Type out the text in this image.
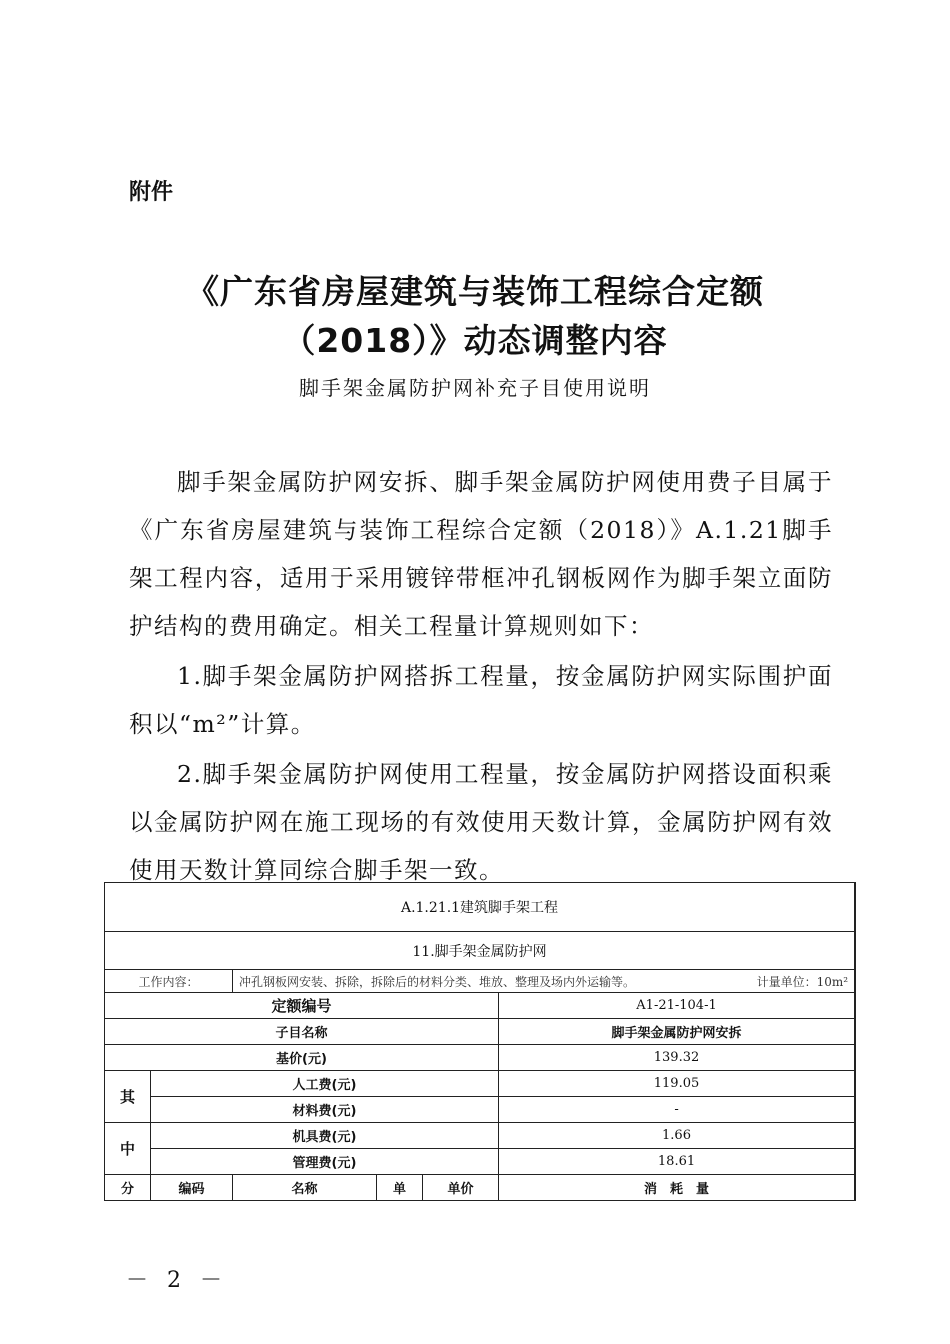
附件
《广东省房屋建筑与装饰工程综合定额
（2018）》动态调整内容
脚手架金属防护网补充子目使用说明
脚手架金属防护网安拆、脚手架金属防护网使用费子目属于《广东省房屋建筑与装饰工程综合定额（2018）》A.1.21脚手架工程内容，适用于采用镀锌带框冲孔钢板网作为脚手架立面防护结构的费用确定。相关工程量计算规则如下：
1.脚手架金属防护网搭拆工程量，按金属防护网实际围护面积以“m²”计算。
2.脚手架金属防护网使用工程量，按金属防护网搭设面积乘以金属防护网在施工现场的有效使用天数计算，金属防护网有效使用天数计算同综合脚手架一致。
A.1.21.1建筑脚手架工程						
11.脚手架金属防护网						
工作内容：		冲孔钢板网安装、拆除，拆除后的材料分类、堆放、整理及场内外运输等。 计量单位：10m²				

定额编号					A1-21-104-1	
子目名称					脚手架金属防护网安拆	
基价(元)					139.32	
其	人工费(元)				119.05	
	材料费(元)				-	
中	机具费(元)				1.66	
	管理费(元)				18.61	
分	编码	名称	单	单价	消　耗　量	
－ 2 －
